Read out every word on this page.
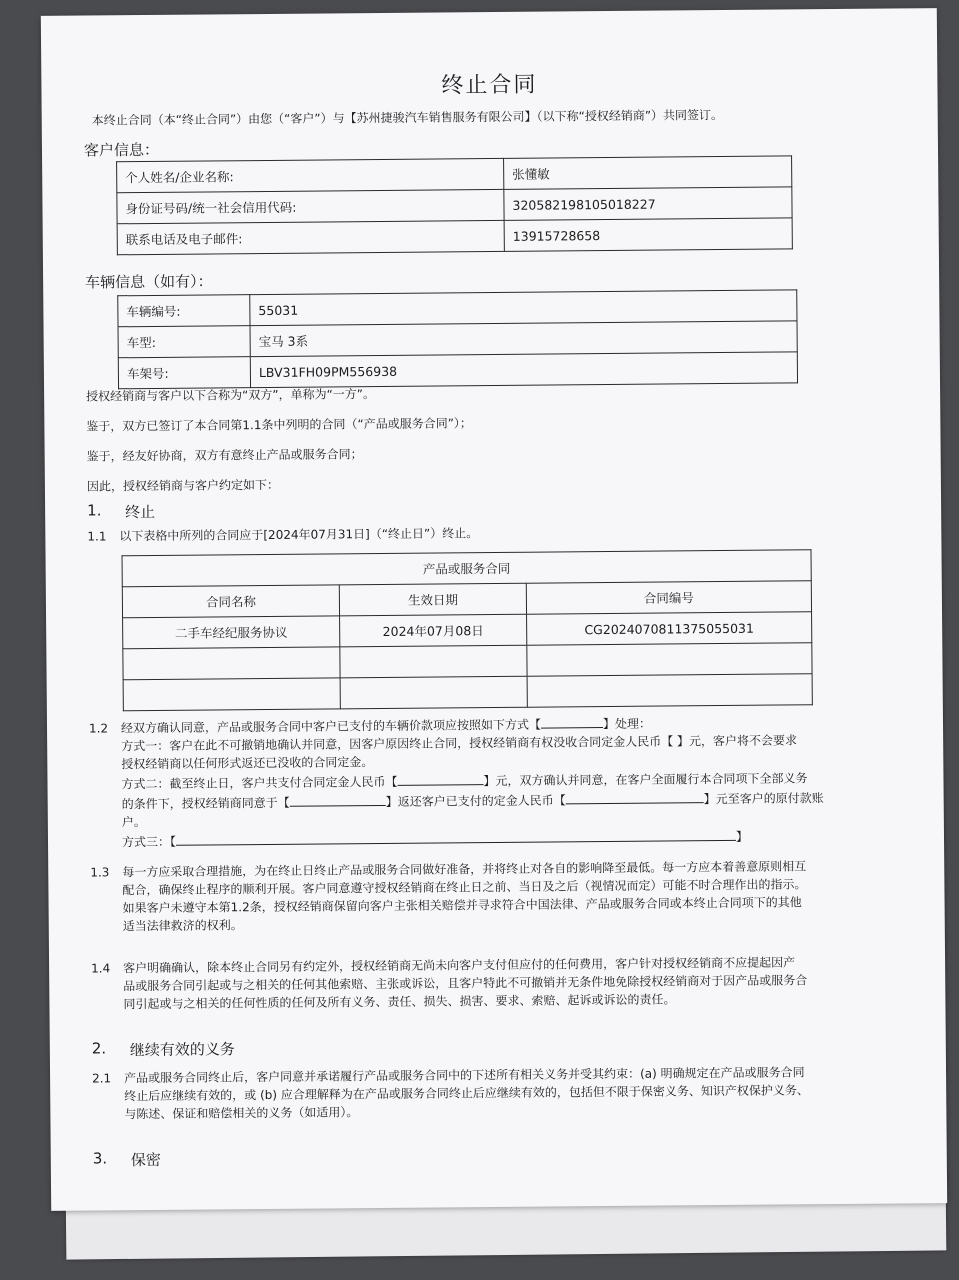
终止合同
本终止合同（本“终止合同”）由您（“客户”）与【苏州捷骏汽车销售服务有限公司】（以下称“授权经销商”）共同签订。
客户信息：
个人姓名/企业名称:	张懂敏
身份证号码/统一社会信用代码:	320582198105018227
联系电话及电子邮件:	13915728658
车辆信息（如有）：
车辆编号:	55031
车型:	宝马 3系
车架号:	LBV31FH09PM556938
授权经销商与客户以下合称为“双方”，单称为“一方”。
鉴于，双方已签订了本合同第1.1条中列明的合同（“产品或服务合同”）；
鉴于，经友好协商，双方有意终止产品或服务合同；
因此，授权经销商与客户约定如下：
1. 终止
1.1 以下表格中所列的合同应于[2024年07月31日]（“终止日”）终止。
产品或服务合同		
合同名称	生效日期	合同编号
二手车经纪服务协议	2024年07月08日	CG2024070811375055031

1.2 经双方确认同意，产品或服务合同中客户已支付的车辆价款项应按照如下方式【	】处理：
方式一：客户在此不可撤销地确认并同意，因客户原因终止合同，授权经销商有权没收合同定金人民币【 】元，客户将不会要求
授权经销商以任何形式返还已没收的合同定金。
方式二：截至终止日，客户共支付合同定金人民币【	】元，双方确认并同意，在客户全面履行本合同项下全部义务
的条件下，授权经销商同意于【	】返还客户已支付的定金人民币【	】元至客户的原付款账
户。
方式三：【	】
1.3 每一方应采取合理措施，为在终止日终止产品或服务合同做好准备，并将终止对各自的影响降至最低。每一方应本着善意原则相互
配合，确保终止程序的顺利开展。客户同意遵守授权经销商在终止日之前、当日及之后（视情况而定）可能不时合理作出的指示。
如果客户未遵守本第1.2条，授权经销商保留向客户主张相关赔偿并寻求符合中国法律、产品或服务合同或本终止合同项下的其他
适当法律救济的权利。
1.4 客户明确确认，除本终止合同另有约定外，授权经销商无尚未向客户支付但应付的任何费用，客户针对授权经销商不应提起因产
品或服务合同引起或与之相关的任何其他索赔、主张或诉讼，且客户特此不可撤销并无条件地免除授权经销商对于因产品或服务合
同引起或与之相关的任何性质的任何及所有义务、责任、损失、损害、要求、索赔、起诉或诉讼的责任。
2. 继续有效的义务
2.1 产品或服务合同终止后，客户同意并承诺履行产品或服务合同中的下述所有相关义务并受其约束：(a) 明确规定在产品或服务合同
终止后应继续有效的，或 (b) 应合理解释为在产品或服务合同终止后应继续有效的，包括但不限于保密义务、知识产权保护义务、
与陈述、保证和赔偿相关的义务（如适用）。
3. 保密
